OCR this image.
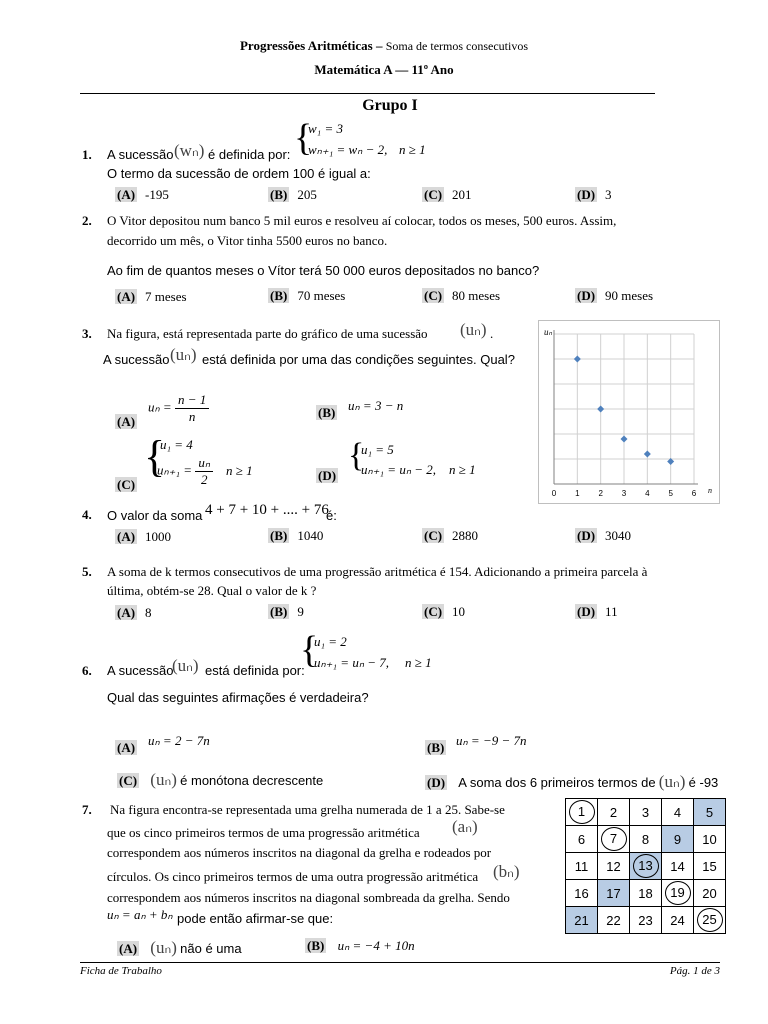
Progressões Aritméticas – Soma de termos consecutivos
Matemática A — 11º Ano
Grupo I
1. A sucessão (wₙ) é definida por: {
w₁ = 3
wₙ₊₁ = wₙ − 2, n ≥ 1
O termo da sucessão de ordem 100 é igual a:
(A) -195	(B) 205	(C) 201	(D) 3
2. O Vitor depositou num banco 5 mil euros e resolveu aí colocar, todos os meses, 500 euros. Assim,
decorrido um mês, o Vitor tinha 5500 euros no banco.
Ao fim de quantos meses o Vítor terá 50 000 euros depositados no banco?
(A) 7 meses	(B) 70 meses	(C) 80 meses	(D) 90 meses
3. Na figura, está representada parte do gráfico de uma sucessão (uₙ) .
A sucessão (uₙ) está definida por uma das condições seguintes. Qual?
(A)
$u_n = \frac{n - 1}{n}$	(B) uₙ = 3 − n
(C)
{
u₁ = 4
$u_{n+1} = \frac{\text{uₙ}}{2}$ n ≥ 1	(D)
{
u₁ = 5
uₙ₊₁ = uₙ − 2, n ≥ 1
0 1 2 3 4 5 6
uₙ
n
4. O valor da soma 4 + 7 + 10 + .... + 76
é:
(A) 1000	(B) 1040	(C) 2880	(D) 3040
5. A soma de k termos consecutivos de uma progressão aritmética é 154. Adicionando a primeira parcela à
última, obtém-se 28. Qual o valor de k ?
(A) 8	(B) 9	(C) 10	(D) 11
6. A sucessão
(uₙ) está definida por:
{
u₁ = 2
uₙ₊₁ = uₙ − 7, n ≥ 1
Qual das seguintes afirmações é verdadeira?
(A) uₙ = 2 − 7n	(B) uₙ = −9 − 7n
(C) (uₙ) é monótona decrescente	(D) A soma dos 6 primeiros termos de (uₙ) é -93
7. Na figura encontra-se representada uma grelha numerada de 1 a 25. Sabe-se
que os cinco primeiros termos de uma progressão aritmética (aₙ)
correspondem aos números inscritos na diagonal da grelha e rodeados por
círculos. Os cinco primeiros termos de uma outra progressão aritmética (bₙ)
correspondem aos números inscritos na diagonal sombreada da grelha. Sendo
uₙ = aₙ + bₙ pode então afirmar-se que:
(A) (uₙ) não é uma	(B) uₙ = −4 + 10n
1	2	3	4	5
6	7	8	9	10
11	12	13	14	15
16	17	18	19	20
21	22	23	24	25
Ficha de Trabalho	Pág. 1 de 3
